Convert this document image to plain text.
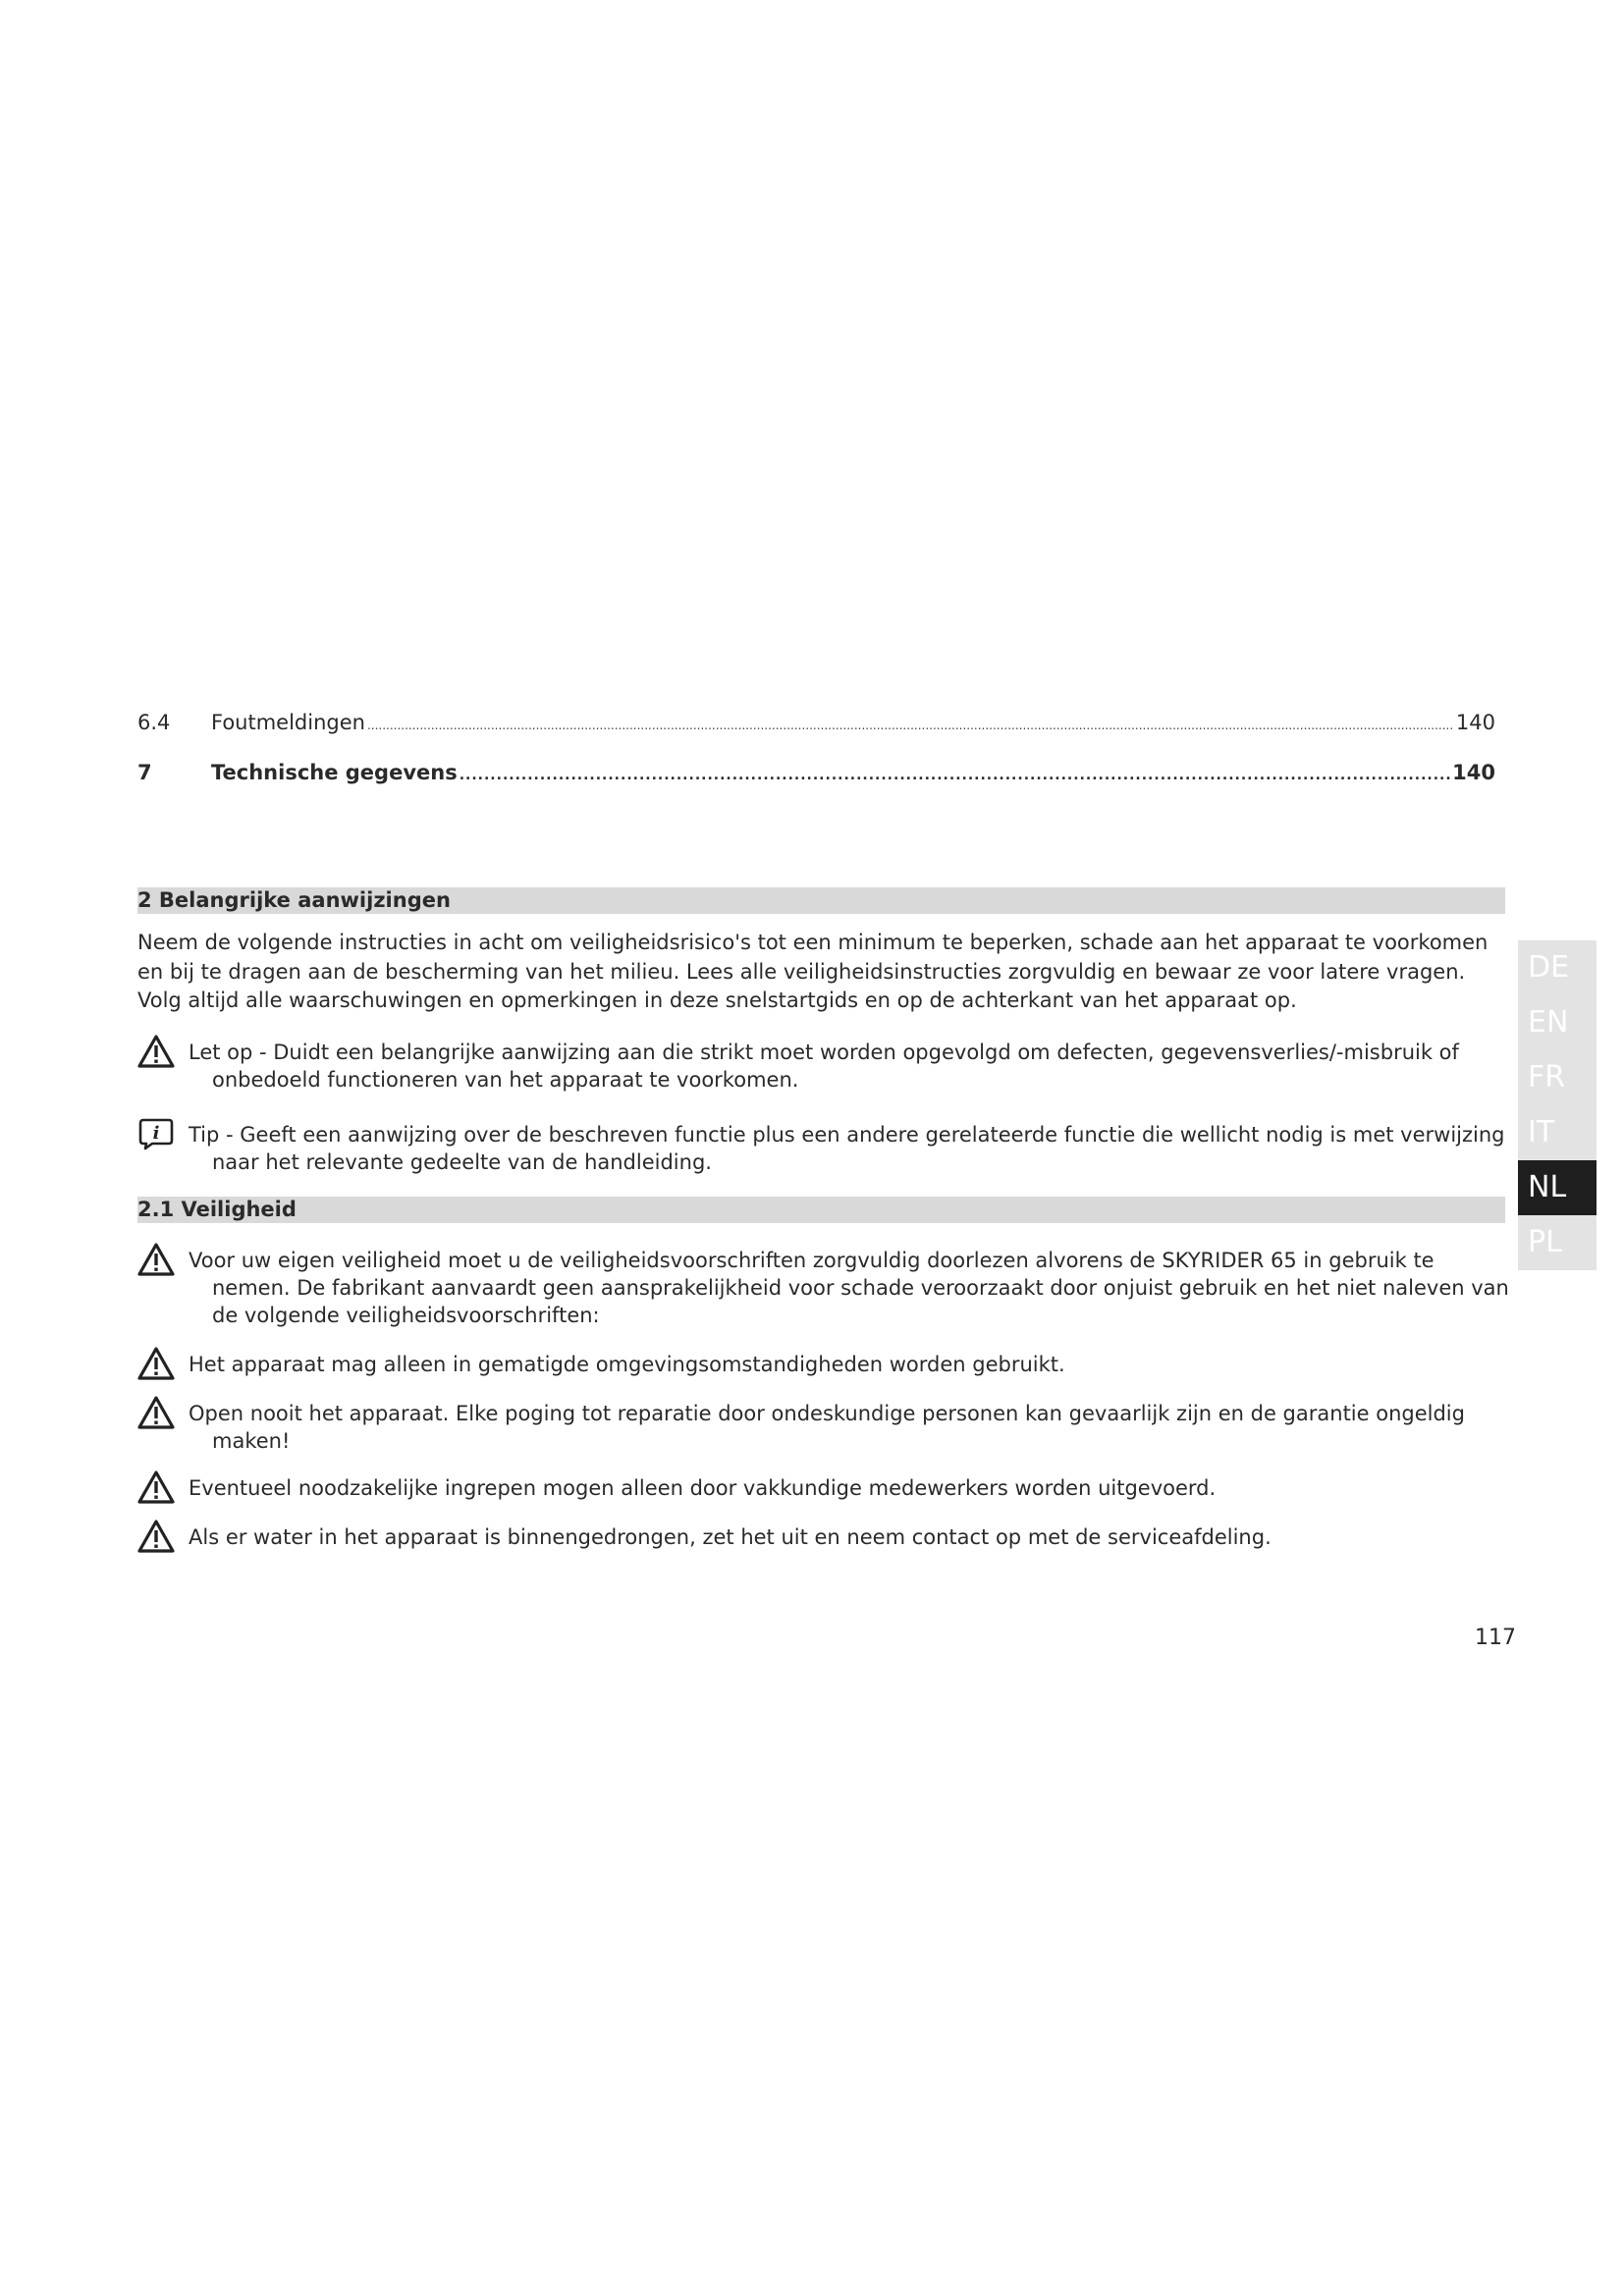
6.4	Foutmeldingen .....	140
7	Technische gegevens .....	140
2 Belangrijke aanwijzingen

Neem de volgende instructies in acht om veiligheidsrisico's tot een minimum te beperken, schade aan het apparaat te voorkomen en bij te dragen aan de bescherming van het milieu. Lees alle veiligheidsinstructies zorgvuldig en bewaar ze voor latere vragen. Volg altijd alle waarschuwingen en opmerkingen in deze snelstartgids en op de achterkant van het apparaat op.

Let op - Duidt een belangrijke aanwijzing aan die strikt moet worden opgevolgd om defecten, gegevensverlies/-misbruik of onbedoeld functioneren van het apparaat te voorkomen.
i Tip - Geeft een aanwijzing over de beschreven functie plus een andere gerelateerde functie die wellicht nodig is met verwijzing naar het relevante gedeelte van de handleiding.
2.1 Veiligheid
Voor uw eigen veiligheid moet u de veiligheidsvoorschriften zorgvuldig doorlezen alvorens de SKYRIDER 65 in gebruik te nemen. De fabrikant aanvaardt geen aansprakelijkheid voor schade veroorzaakt door onjuist gebruik en het niet naleven van de volgende veiligheidsvoorschriften:
Het apparaat mag alleen in gematigde omgevingsomstandigheden worden gebruikt.
Open nooit het apparaat. Elke poging tot reparatie door ondeskundige personen kan gevaarlijk zijn en de garantie ongeldig maken!
Eventueel noodzakelijke ingrepen mogen alleen door vakkundige medewerkers worden uitgevoerd.
Als er water in het apparaat is binnengedrongen, zet het uit en neem contact op met de serviceafdeling.
DE
EN
FR
IT
NL
PL
117
